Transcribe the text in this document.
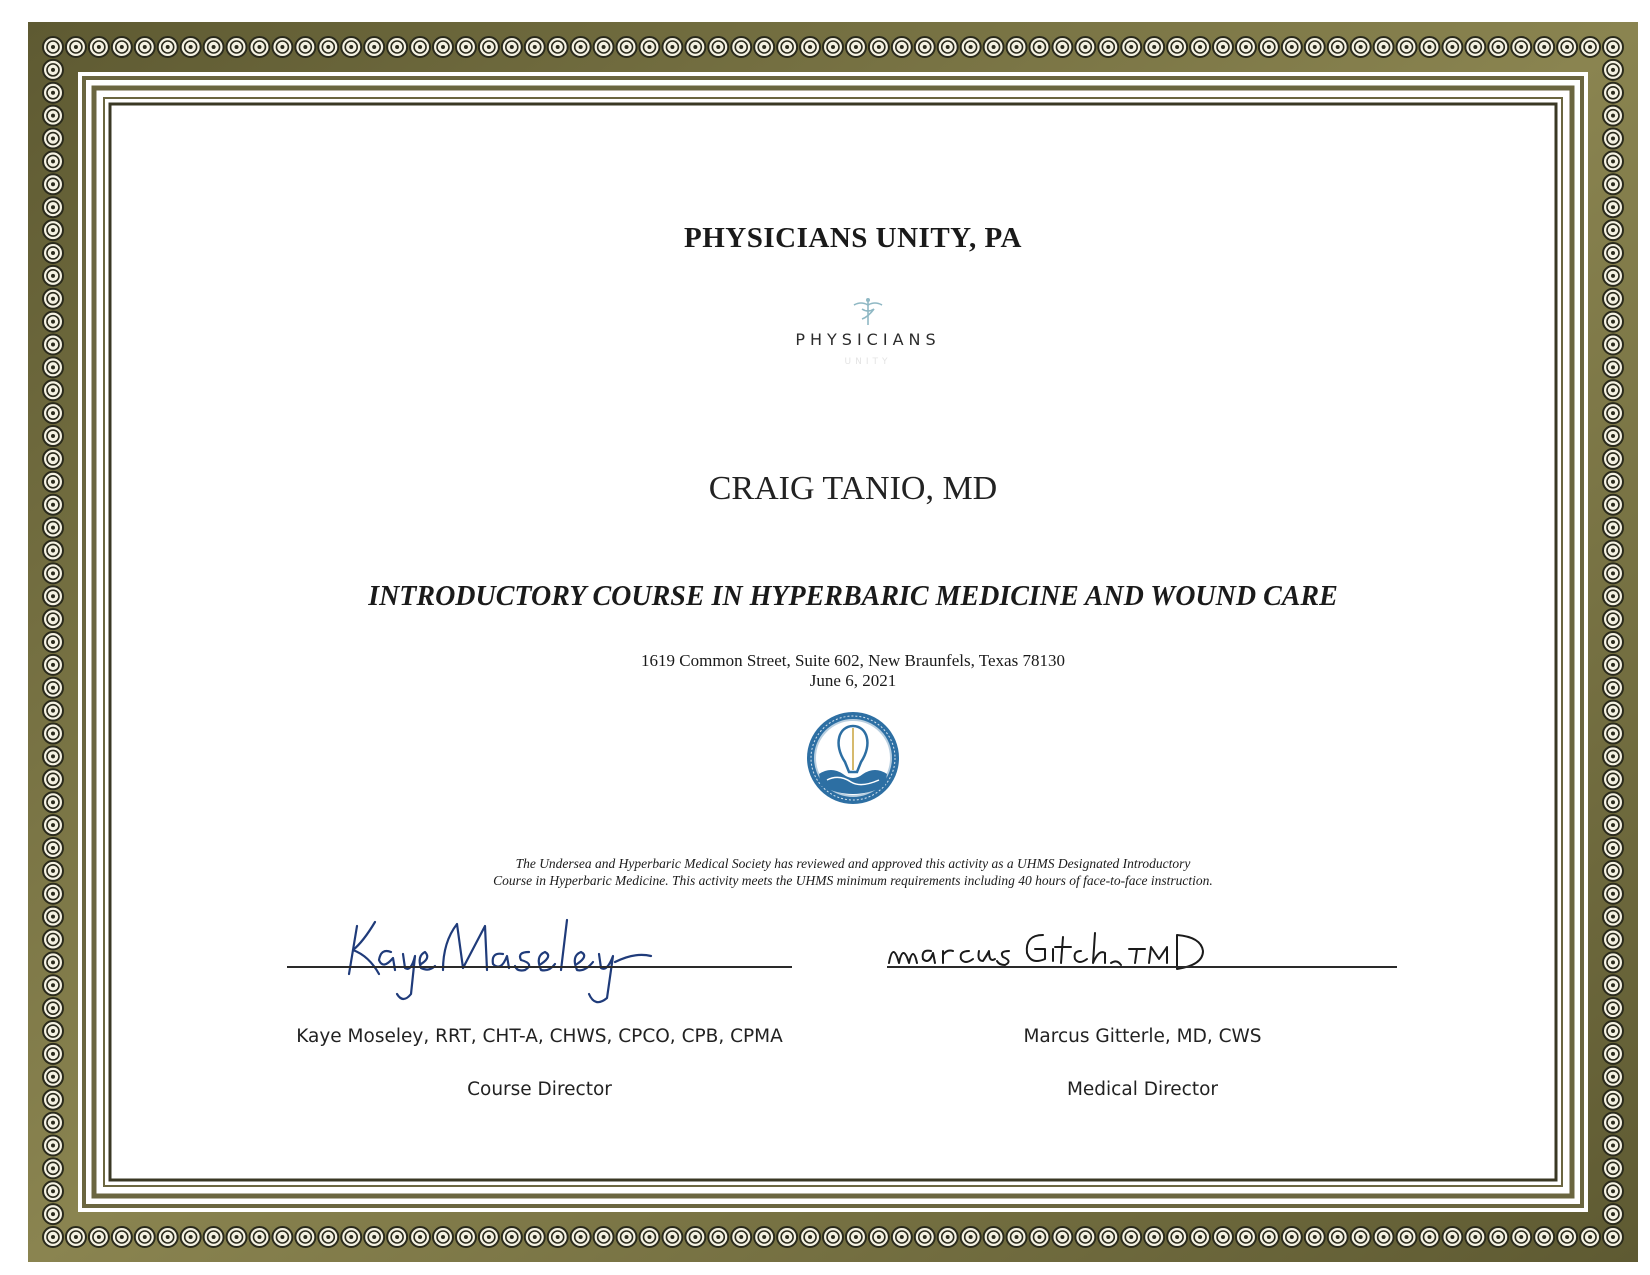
PHYSICIANS UNITY, PA
PHYSICIANS
UNITY
CRAIG TANIO, MD
INTRODUCTORY COURSE IN HYPERBARIC MEDICINE AND WOUND CARE
1619 Common Street, Suite 602, New Braunfels, Texas 78130
June 6, 2021
The Undersea and Hyperbaric Medical Society has reviewed and approved this activity as a UHMS Designated Introductory
Course in Hyperbaric Medicine. This activity meets the UHMS minimum requirements including 40 hours of face-to-face instruction.
Kaye Moseley, RRT, CHT-A, CHWS, CPCO, CPB, CPMA
Course Director
Marcus Gitterle, MD, CWS
Medical Director
